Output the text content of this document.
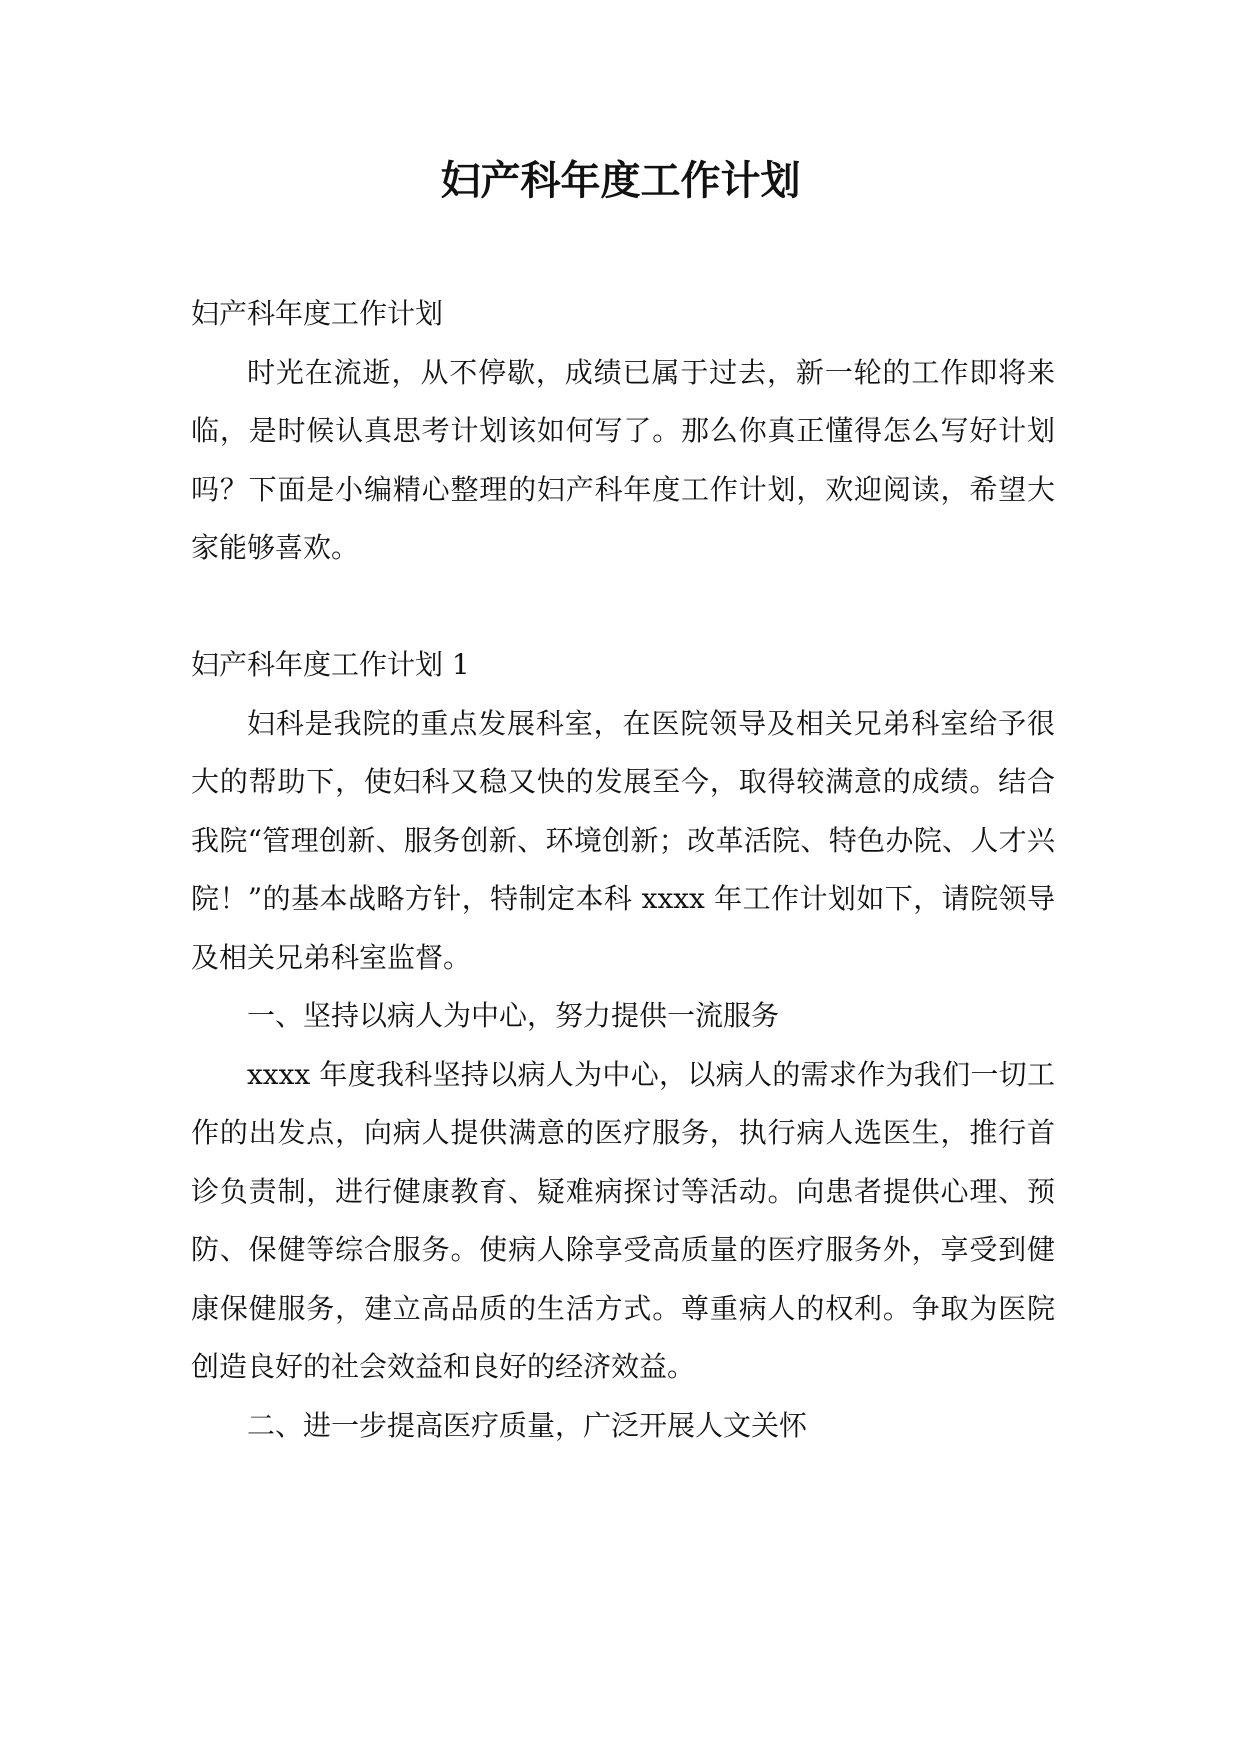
妇产科年度工作计划

妇产科年度工作计划

时光在流逝，从不停歇，成绩已属于过去，新一轮的工作即将来临，是时候认真思考计划该如何写了。那么你真正懂得怎么写好计划吗？下面是小编精心整理的妇产科年度工作计划，欢迎阅读，希望大家能够喜欢。

妇产科年度工作计划 1

妇科是我院的重点发展科室，在医院领导及相关兄弟科室给予很大的帮助下，使妇科又稳又快的发展至今，取得较满意的成绩。结合我院“管理创新、服务创新、环境创新；改革活院、特色办院、人才兴院！”的基本战略方针，特制定本科 xxxx 年工作计划如下，请院领导及相关兄弟科室监督。

一、坚持以病人为中心，努力提供一流服务

xxxx 年度我科坚持以病人为中心，以病人的需求作为我们一切工作的出发点，向病人提供满意的医疗服务，执行病人选医生，推行首诊负责制，进行健康教育、疑难病探讨等活动。向患者提供心理、预防、保健等综合服务。使病人除享受高质量的医疗服务外，享受到健康保健服务，建立高品质的生活方式。尊重病人的权利。争取为医院创造良好的社会效益和良好的经济效益。

二、进一步提高医疗质量，广泛开展人文关怀
